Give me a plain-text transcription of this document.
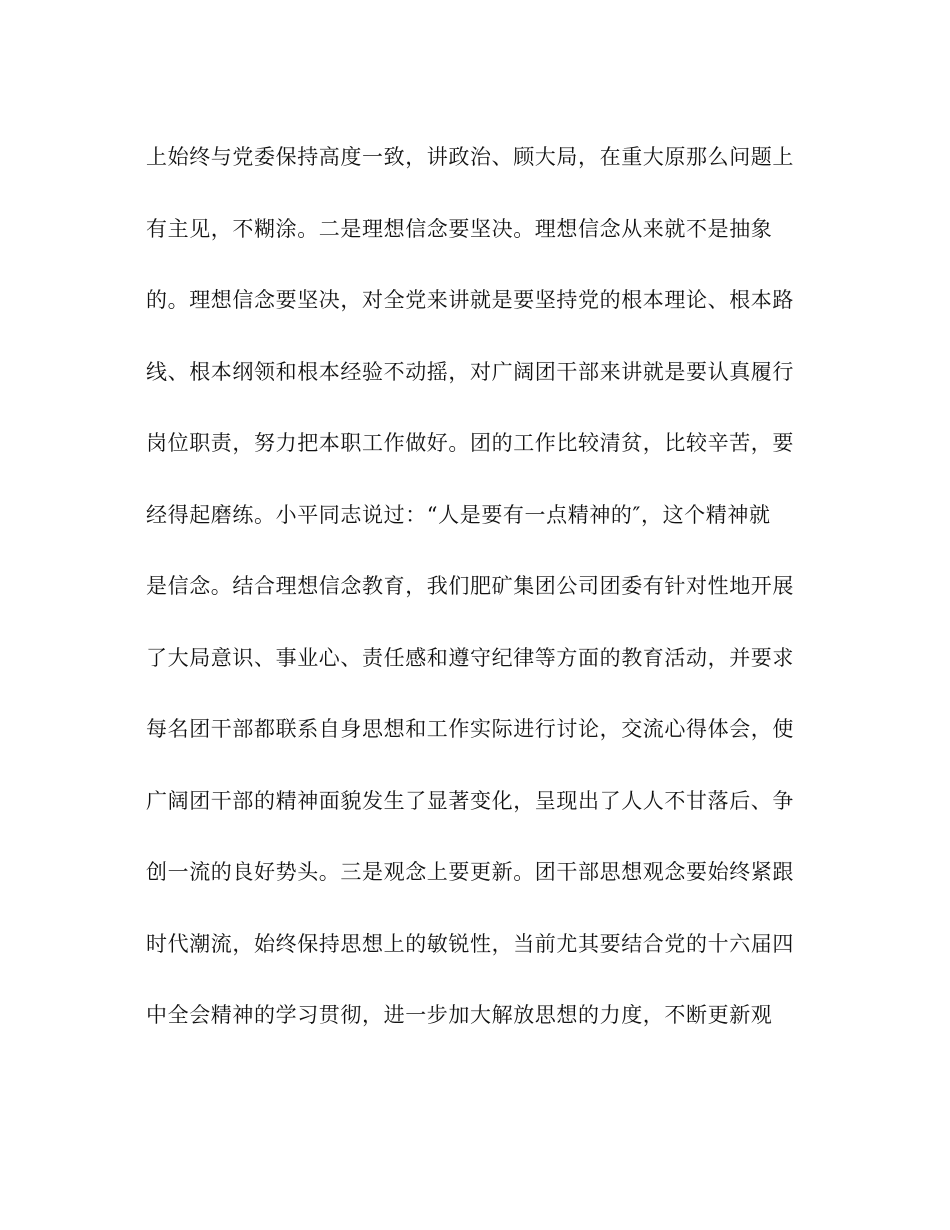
上始终与党委保持高度一致，讲政治、顾大局，在重大原那么问题上
有主见，不糊涂。二是理想信念要坚决。理想信念从来就不是抽象
的。理想信念要坚决，对全党来讲就是要坚持党的根本理论、根本路
线、根本纲领和根本经验不动摇，对广阔团干部来讲就是要认真履行
岗位职责，努力把本职工作做好。团的工作比较清贫，比较辛苦，要
经得起磨练。小平同志说过：“人是要有一点精神的″，这个精神就
是信念。结合理想信念教育，我们肥矿集团公司团委有针对性地开展
了大局意识、事业心、责任感和遵守纪律等方面的教育活动，并要求
每名团干部都联系自身思想和工作实际进行讨论，交流心得体会，使
广阔团干部的精神面貌发生了显著变化，呈现出了人人不甘落后、争
创一流的良好势头。三是观念上要更新。团干部思想观念要始终紧跟
时代潮流，始终保持思想上的敏锐性，当前尤其要结合党的十六届四
中全会精神的学习贯彻，进一步加大解放思想的力度，不断更新观
